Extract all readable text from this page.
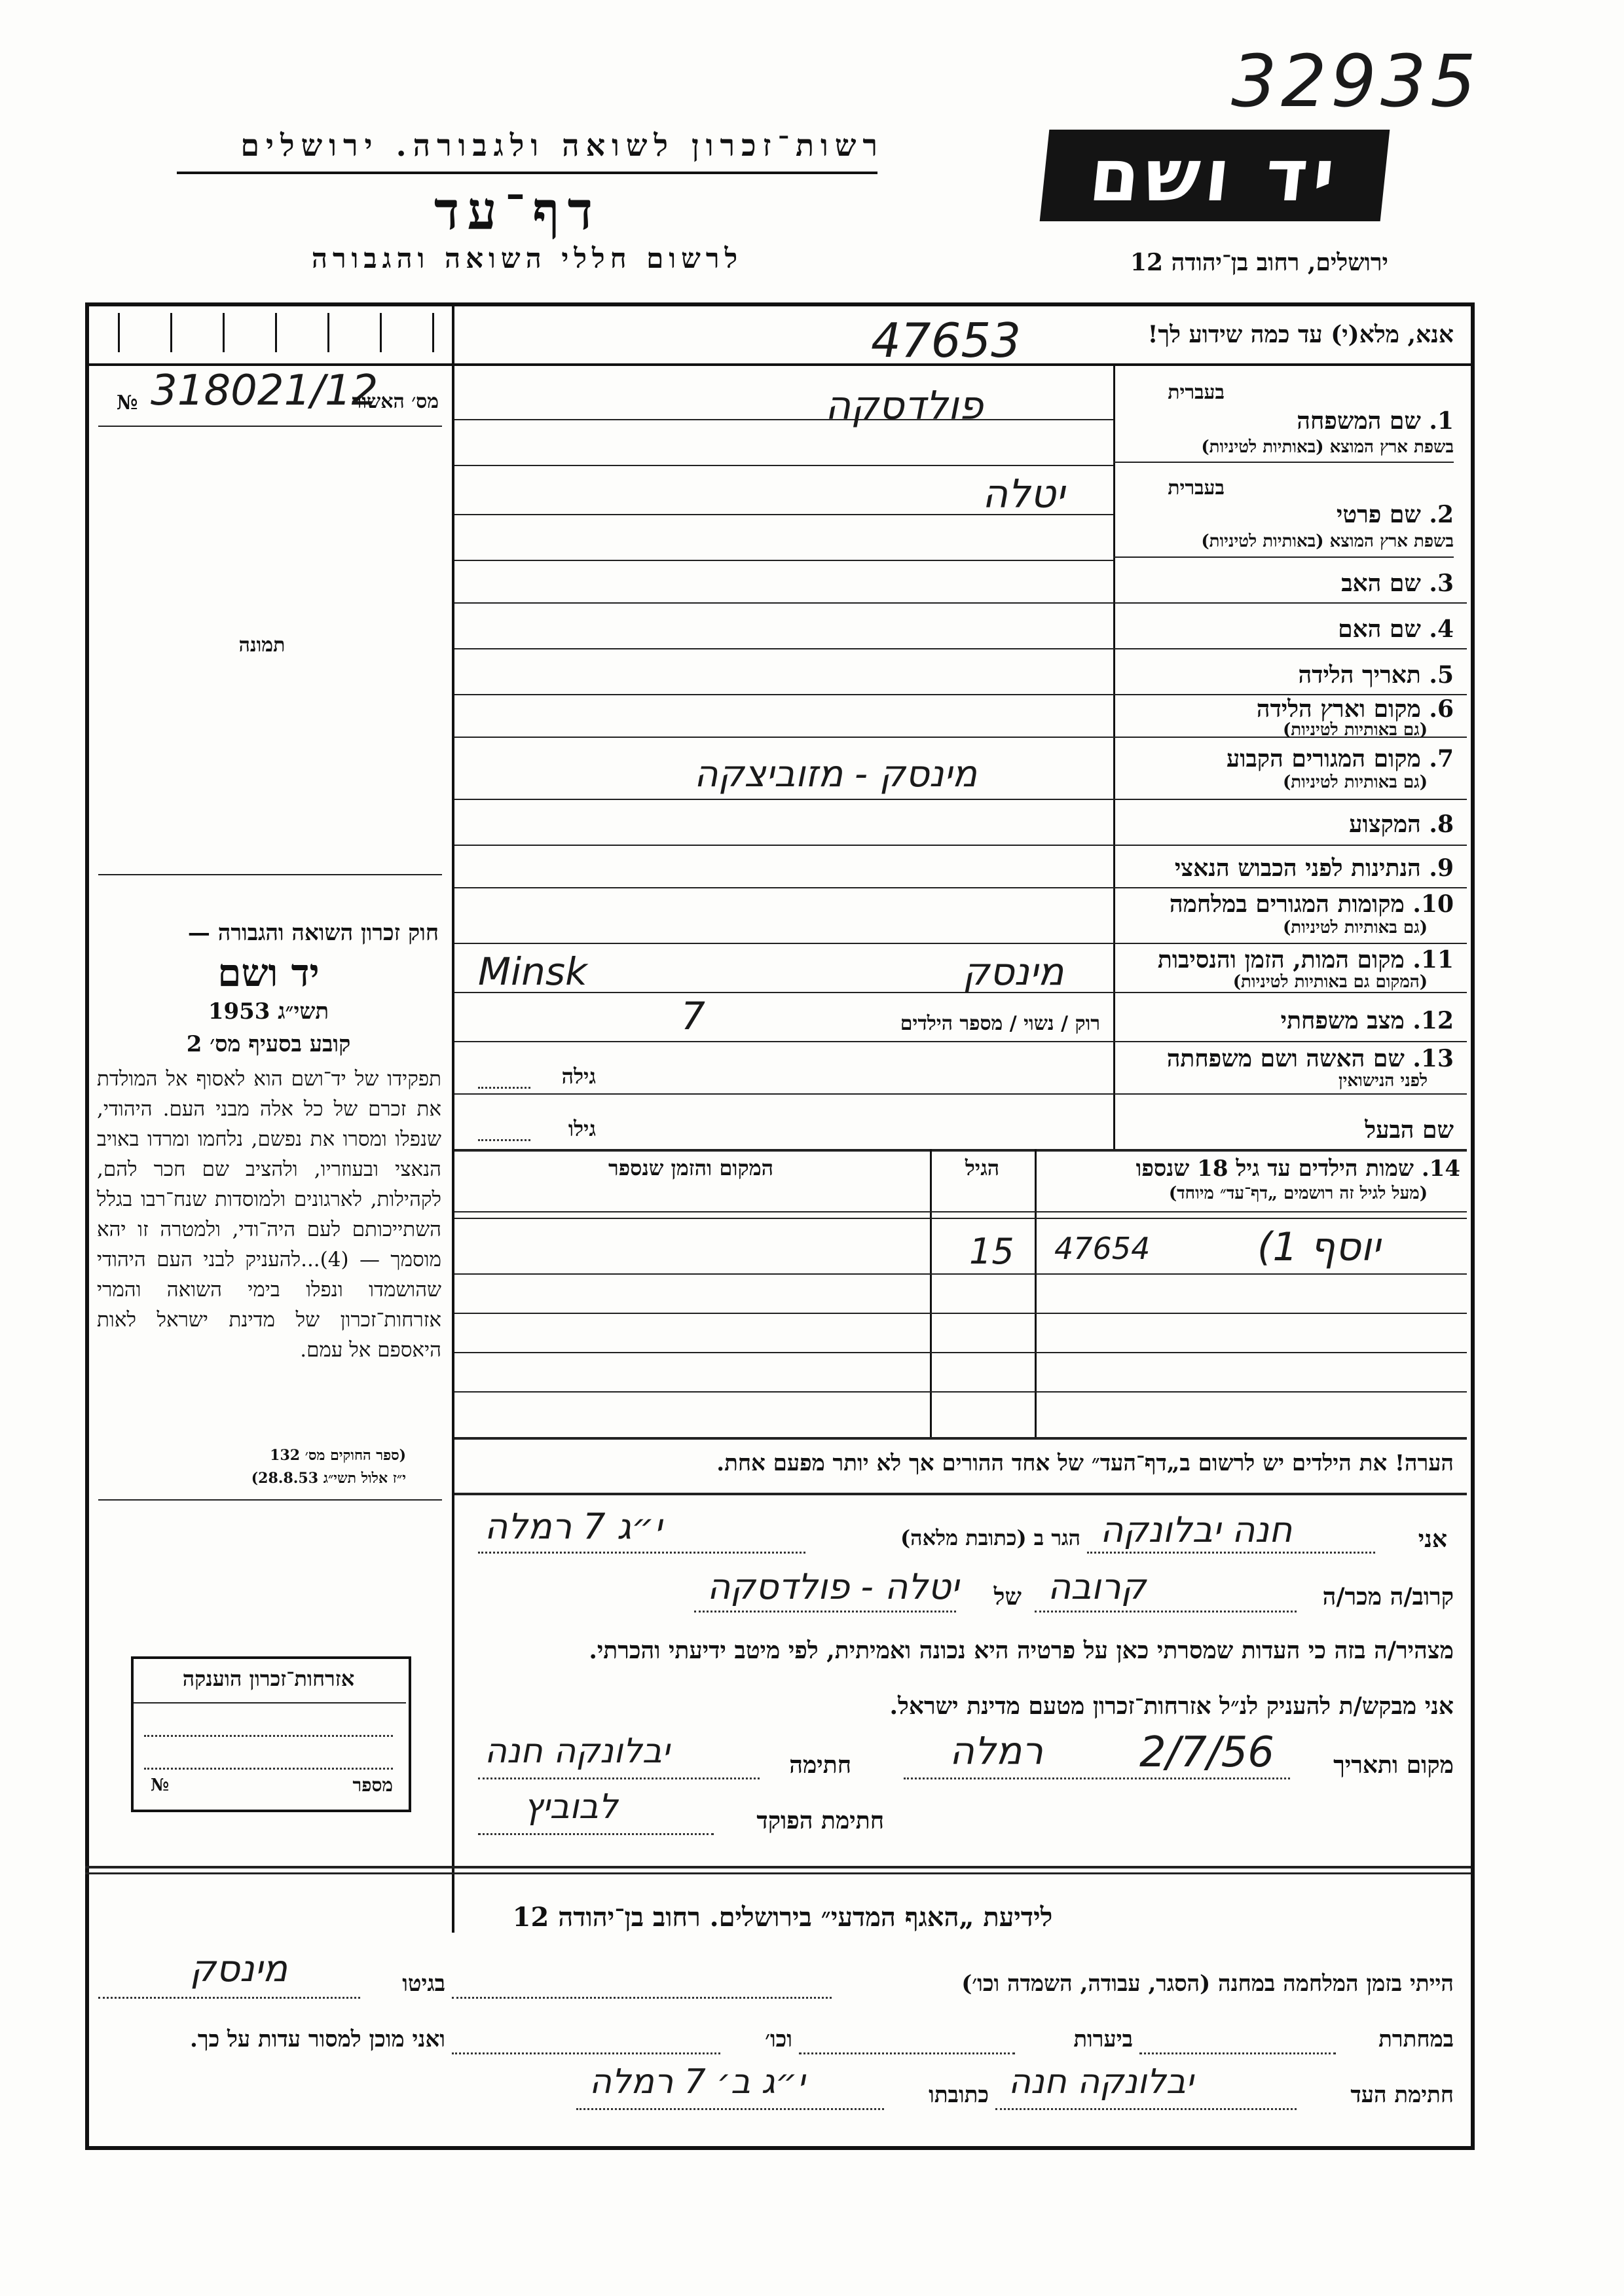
32935
רשות־זכרון לשואה ולגבורה. ירושלים
דף־עד
לרשום חללי השואה והגבורה
יד ושם
ירושלים, רחוב בן־יהודה 12
אנא, מלא(י) עד כמה שידוע לך!
47653
№ 318021/12
מס׳ האשור
תמונה
חוק זכרון השואה והגבורה —
יד ושם
תשי״ג 1953
קובע בסעיף מס׳ 2
תפקידו של יד־ושם הוא לאסוף אל המולדת את זכרם של כל אלה מבני העם. היהודי, שנפלו ומסרו את נפשם, נלחמו ומרדו באויב הנאצי ובעוזריו, ולהציב שם חכר להם, לקהילות, לארגונים ולמוסדות שנח־רבו בגלל השתייכותם לעם היה־ודי, ולמטרה זו יהא מוסמך — (4)...להעניק לבני העם היהודי שהושמדו ונפלו בימי השואה והמרי אזרחות־זכרון של מדינת ישראל לאות היאספם אל עמם.
(ספר החוקים מס׳ 132
י״ז אלול תשי״ג 28.8.53)
בעברית
1. שם המשפחה
בשפת ארץ המוצא (באותיות לטיניות)
פולדסקה
בעברית
2. שם פרטי
בשפת ארץ המוצא (באותיות לטיניות)
יטלה
3. שם האב
4. שם האם
5. תאריך הלידה
6. מקום וארץ הלידה
(גם באותיות לטיניות)
7. מקום המגורים הקבוע
(גם באותיות לטיניות)
מינסק - מזוביצקה
8. המקצוע
9. הנתינות לפני הכבוש הנאצי
10. מקומות המגורים במלחמה
(גם באותיות לטיניות)
11. מקום המות, הזמן והנסיבות
(המקום גם באותיות לטיניות)
מינסק
Minsk
12. מצב משפחתי
רוק / נשוי / מספר הילדים
7
13. שם האשה ושם משפחתה
לפני הנישואין
גילה
שם הבעל
גילו
14. שמות הילדים עד גיל 18 שנספו
(מעל לגיל זה רושמים „דף־עד״ מיוחד)
הגיל
המקום והזמן שנספר
(1 יוסף
47654
15
הערה! את הילדים יש לרשום ב„דף־העד״ של אחד ההורים אך לא יותר מפעם אחת.
אני
חנה יבלונקה
הגר ב (כתובת מלאה)
י״ג 7 רמלה
קרוב/ה מכר/ה
קרובה
של
יטלה - פולדסקה
מצהיר/ה בזה כי העדות שמסרתי כאן על פרטיה היא נכונה ואמיתית, לפי מיטב ידיעתי והכרתי.
אני מבקש/ת להעניק לנ״ל אזרחות־זכרון מטעם מדינת ישראל.
מקום ותאריך
רמלה 2/7/56
חתימה
יבלונקה חנה
חתימת הפוקד
לבוביץ
אזרחות־זכרון הוענקה
מספר
№
לידיעת „האגף המדעי״ בירושלים. רחוב בן־יהודה 12
הייתי בזמן המלחמה במחנה (הסגר, עבודה, השמדה וכו׳)
בגיטו
מינסק
במחתרת
ביערות
וכו׳
ואני מוכן למסור עדות על כך.
חתימת העד
יבלונקה חנה
כתובתו
י״ג ב׳ 7 רמלה
